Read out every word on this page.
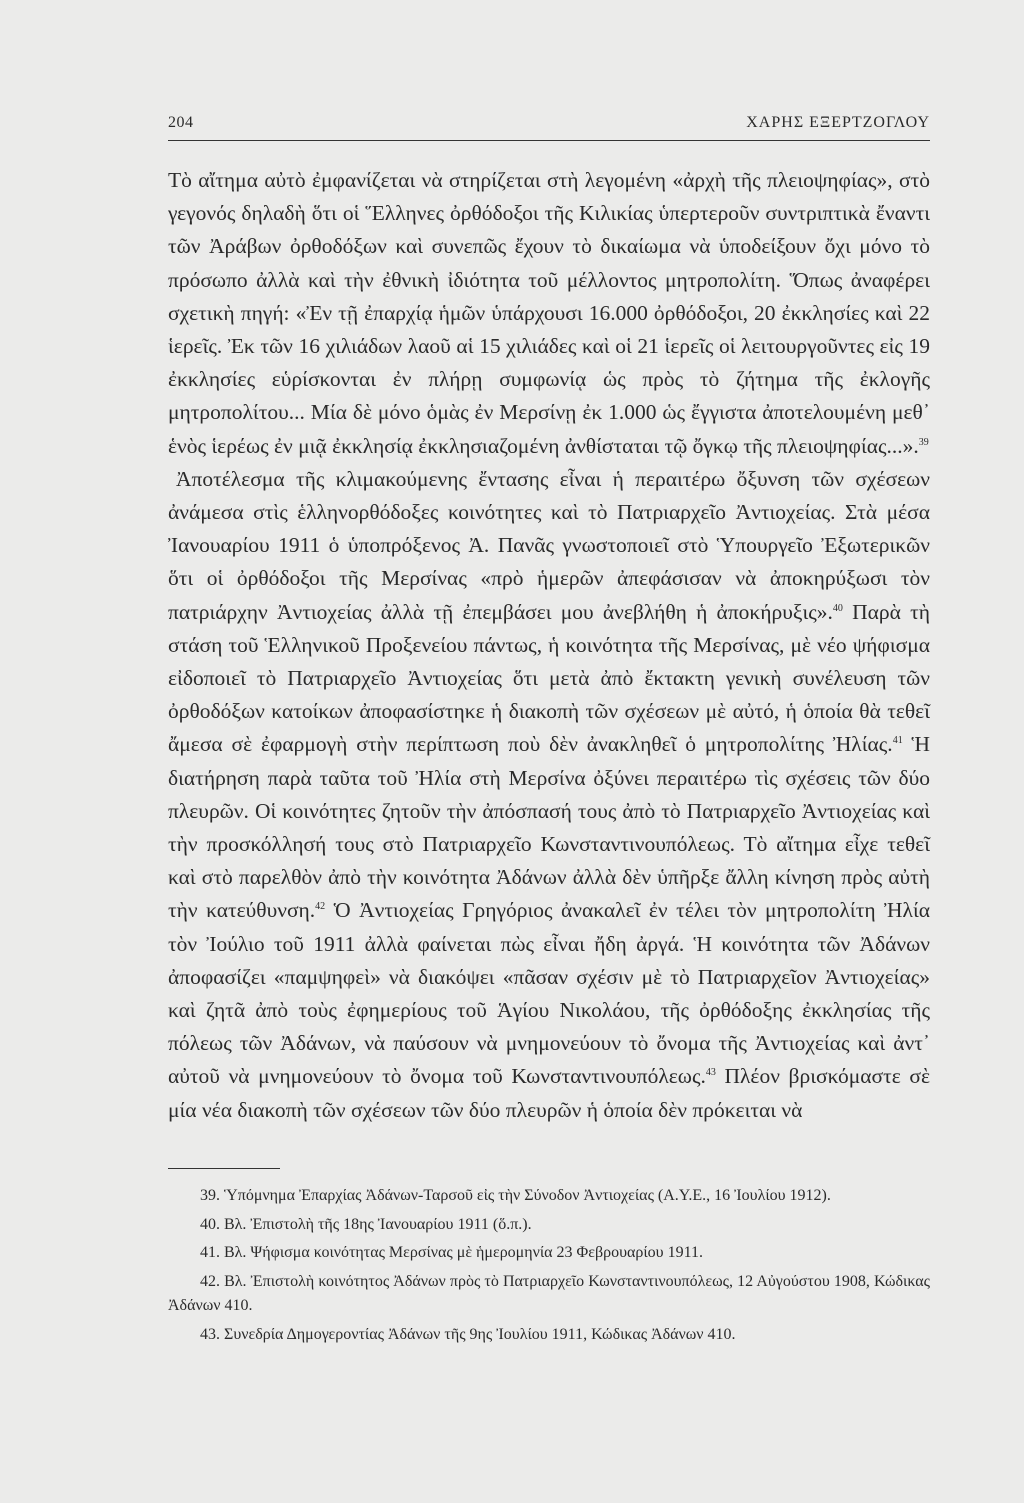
204	ΧΑΡΗΣ ΕΞΕΡΤΖΟΓΛΟΥ

Τὸ αἴτημα αὐτὸ ἐμφανίζεται νὰ στηρίζεται στὴ λεγομένη «ἀρχὴ τῆς πλειοψηφίας», στὸ γεγονός δηλαδὴ ὅτι οἱ Ἕλληνες ὀρθόδοξοι τῆς Κιλικίας ὑπερτεροῦν συντριπτικὰ ἔναντι τῶν Ἀράβων ὀρθοδόξων καὶ συνεπῶς ἔχουν τὸ δικαίωμα νὰ ὑποδείξουν ὄχι μόνο τὸ πρόσωπο ἀλλὰ καὶ τὴν ἐθνικὴ ἰδιότητα τοῦ μέλλοντος μητροπολίτη. Ὅπως ἀναφέρει σχετικὴ πηγή: «Ἐν τῇ ἐπαρχίᾳ ἡμῶν ὑπάρχουσι 16.000 ὀρθόδοξοι, 20 ἐκκλησίες καὶ 22 ἱερεῖς. Ἐκ τῶν 16 χιλιάδων λαοῦ αἱ 15 χιλιάδες καὶ οἱ 21 ἱερεῖς οἱ λειτουργοῦντες εἰς 19 ἐκκλησίες εὑρίσκονται ἐν πλήρῃ συμφωνίᾳ ὡς πρὸς τὸ ζήτημα τῆς ἐκλογῆς μητροπολίτου... Μία δὲ μόνο ὁμὰς ἐν Μερσίνῃ ἐκ 1.000 ὡς ἔγγιστα ἀποτελουμένη μεθ᾽ ἑνὸς ἱερέως ἐν μιᾷ ἐκκλησίᾳ ἐκκλησιαζομένη ἀνθίσταται τῷ ὄγκῳ τῆς πλειοψηφίας...».$^{39}$

Ἀποτέλεσμα τῆς κλιμακούμενης ἔντασης εἶναι ἡ περαιτέρω ὄξυνση τῶν σχέσεων ἀνάμεσα στὶς ἑλληνορθόδοξες κοινότητες καὶ τὸ Πατριαρχεῖο Ἀντιοχείας. Στὰ μέσα Ἰανουαρίου 1911 ὁ ὑποπρόξενος Ἀ. Πανᾶς γνωστοποιεῖ στὸ Ὑπουργεῖο Ἐξωτερικῶν ὅτι οἱ ὀρθόδοξοι τῆς Μερσίνας «πρὸ ἡμερῶν ἀπεφάσισαν νὰ ἀποκηρύξωσι τὸν πατριάρχην Ἀντιοχείας ἀλλὰ τῇ ἐπεμβάσει μου ἀνεβλήθη ἡ ἀποκήρυξις».$^{40}$ Παρὰ τὴ στάση τοῦ Ἑλληνικοῦ Προξενείου πάντως, ἡ κοινότητα τῆς Μερσίνας, μὲ νέο ψήφισμα εἰδοποιεῖ τὸ Πατριαρχεῖο Ἀντιοχείας ὅτι μετὰ ἀπὸ ἔκτακτη γενικὴ συνέλευση τῶν ὀρθοδόξων κατοίκων ἀποφασίστηκε ἡ διακοπὴ τῶν σχέσεων μὲ αὐτό, ἡ ὁποία θὰ τεθεῖ ἄμεσα σὲ ἐφαρμογὴ στὴν περίπτωση ποὺ δὲν ἀνακληθεῖ ὁ μητροπολίτης Ἠλίας.$^{41}$ Ἡ διατήρηση παρὰ ταῦτα τοῦ Ἠλία στὴ Μερσίνα ὀξύνει περαιτέρω τὶς σχέσεις τῶν δύο πλευρῶν. Οἱ κοινότητες ζητοῦν τὴν ἀπόσπασή τους ἀπὸ τὸ Πατριαρχεῖο Ἀντιοχείας καὶ τὴν προσκόλλησή τους στὸ Πατριαρχεῖο Κωνσταντινουπόλεως. Τὸ αἴτημα εἶχε τεθεῖ καὶ στὸ παρελθὸν ἀπὸ τὴν κοινότητα Ἀδάνων ἀλλὰ δὲν ὑπῆρξε ἄλλη κίνηση πρὸς αὐτὴ τὴν κατεύθυνση.$^{42}$ Ὁ Ἀντιοχείας Γρηγόριος ἀνακαλεῖ ἐν τέλει τὸν μητροπολίτη Ἠλία τὸν Ἰούλιο τοῦ 1911 ἀλλὰ φαίνεται πὼς εἶναι ἤδη ἀργά. Ἡ κοινότητα τῶν Ἀδάνων ἀποφασίζει «παμψηφεὶ» νὰ διακόψει «πᾶσαν σχέσιν μὲ τὸ Πατριαρχεῖον Ἀντιοχείας» καὶ ζητᾶ ἀπὸ τοὺς ἐφημερίους τοῦ Ἁγίου Νικολάου, τῆς ὀρθόδοξης ἐκκλησίας τῆς πόλεως τῶν Ἀδάνων, νὰ παύσουν νὰ μνημονεύουν τὸ ὄνομα τῆς Ἀντιοχείας καὶ ἀντ᾽ αὐτοῦ νὰ μνημονεύουν τὸ ὄνομα τοῦ Κωνσταντινουπόλεως.$^{43}$ Πλέον βρισκόμαστε σὲ μία νέα διακοπὴ τῶν σχέσεων τῶν δύο πλευρῶν ἡ ὁποία δὲν πρόκειται νὰ

39. Ὑπόμνημα Ἐπαρχίας Ἀδάνων-Ταρσοῦ εἰς τὴν Σύνοδον Ἀντιοχείας (Α.Υ.Ε., 16 Ἰουλίου 1912).

40. Βλ. Ἐπιστολὴ τῆς 18ης Ἰανουαρίου 1911 (ὅ.π.).

41. Βλ. Ψήφισμα κοινότητας Μερσίνας μὲ ἡμερομηνία 23 Φεβρουαρίου 1911.

42. Βλ. Ἐπιστολὴ κοινότητος Ἀδάνων πρὸς τὸ Πατριαρχεῖο Κωνσταντινουπόλεως, 12 Αὐγούστου 1908, Κώδικας Ἀδάνων 410.

43. Συνεδρία Δημογεροντίας Ἀδάνων τῆς 9ης Ἰουλίου 1911, Κώδικας Ἀδάνων 410.
